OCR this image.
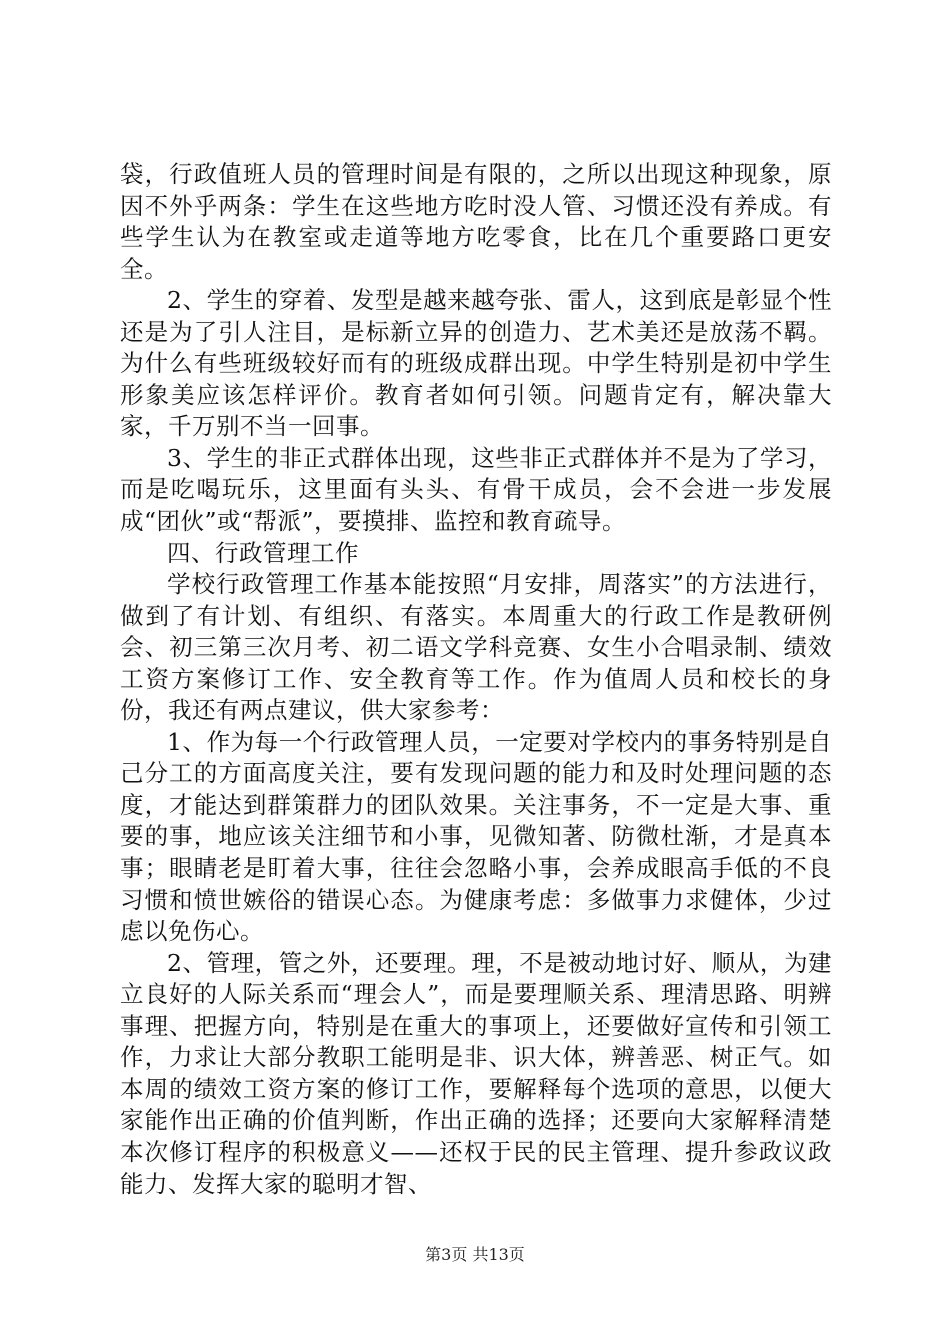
袋，行政值班人员的管理时间是有限的，之所以出现这种现象，原因不外乎两条：学生在这些地方吃时没人管、习惯还没有养成。有些学生认为在教室或走道等地方吃零食，比在几个重要路口更安全。

2、学生的穿着、发型是越来越夸张、雷人，这到底是彰显个性还是为了引人注目，是标新立异的创造力、艺术美还是放荡不羁。为什么有些班级较好而有的班级成群出现。中学生特别是初中学生形象美应该怎样评价。教育者如何引领。问题肯定有，解决靠大家，千万别不当一回事。

3、学生的非正式群体出现，这些非正式群体并不是为了学习，而是吃喝玩乐，这里面有头头、有骨干成员，会不会进一步发展成“团伙”或“帮派”，要摸排、监控和教育疏导。

四、行政管理工作

学校行政管理工作基本能按照“月安排，周落实”的方法进行，做到了有计划、有组织、有落实。本周重大的行政工作是教研例会、初三第三次月考、初二语文学科竞赛、女生小合唱录制、绩效工资方案修订工作、安全教育等工作。作为值周人员和校长的身份，我还有两点建议，供大家参考：

1、作为每一个行政管理人员，一定要对学校内的事务特别是自己分工的方面高度关注，要有发现问题的能力和及时处理问题的态度，才能达到群策群力的团队效果。关注事务，不一定是大事、重要的事，地应该关注细节和小事，见微知著、防微杜渐，才是真本事；眼睛老是盯着大事，往往会忽略小事，会养成眼高手低的不良习惯和愤世嫉俗的错误心态。为健康考虑：多做事力求健体，少过虑以免伤心。

2、管理，管之外，还要理。理，不是被动地讨好、顺从，为建立良好的人际关系而“理会人”，而是要理顺关系、理清思路、明辨事理、把握方向，特别是在重大的事项上，还要做好宣传和引领工作，力求让大部分教职工能明是非、识大体，辨善恶、树正气。如本周的绩效工资方案的修订工作，要解释每个选项的意思，以便大家能作出正确的价值判断，作出正确的选择；还要向大家解释清楚本次修订程序的积极意义——还权于民的民主管理、提升参政议政能力、发挥大家的聪明才智、

第3页 共13页
